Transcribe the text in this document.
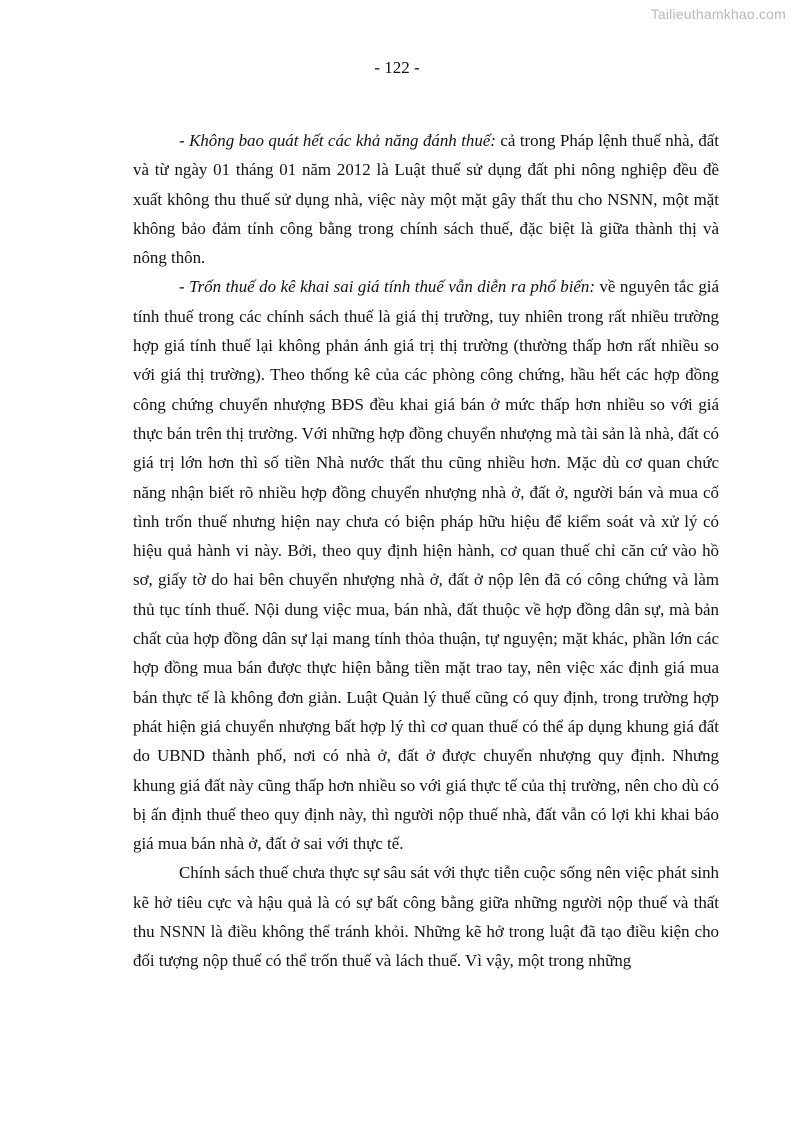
Tailieuthamkhao.com
- 122 -

- Không bao quát hết các khả năng đánh thuế: cả trong Pháp lệnh thuế nhà, đất và từ ngày 01 tháng 01 năm 2012 là Luật thuế sử dụng đất phi nông nghiệp đều đề xuất không thu thuế sử dụng nhà, việc này một mặt gây thất thu cho NSNN, một mặt không bảo đảm tính công bằng trong chính sách thuế, đặc biệt là giữa thành thị và nông thôn.

- Trốn thuế do kê khai sai giá tính thuế vẫn diễn ra phổ biến: về nguyên tắc giá tính thuế trong các chính sách thuế là giá thị trường, tuy nhiên trong rất nhiều trường hợp giá tính thuế lại không phản ánh giá trị thị trường (thường thấp hơn rất nhiều so với giá thị trường). Theo thống kê của các phòng công chứng, hầu hết các hợp đồng công chứng chuyển nhượng BĐS đều khai giá bán ở mức thấp hơn nhiều so với giá thực bán trên thị trường. Với những hợp đồng chuyển nhượng mà tài sản là nhà, đất có giá trị lớn hơn thì số tiền Nhà nước thất thu cũng nhiều hơn. Mặc dù cơ quan chức năng nhận biết rõ nhiều hợp đồng chuyển nhượng nhà ở, đất ở, người bán và mua cố tình trốn thuế nhưng hiện nay chưa có biện pháp hữu hiệu để kiểm soát và xử lý có hiệu quả hành vi này. Bởi, theo quy định hiện hành, cơ quan thuế chỉ căn cứ vào hồ sơ, giấy tờ do hai bên chuyển nhượng nhà ở, đất ở nộp lên đã có công chứng và làm thủ tục tính thuế. Nội dung việc mua, bán nhà, đất thuộc về hợp đồng dân sự, mà bản chất của hợp đồng dân sự lại mang tính thỏa thuận, tự nguyện; mặt khác, phần lớn các hợp đồng mua bán được thực hiện bằng tiền mặt trao tay, nên việc xác định giá mua bán thực tế là không đơn giản. Luật Quản lý thuế cũng có quy định, trong trường hợp phát hiện giá chuyển nhượng bất hợp lý thì cơ quan thuế có thể áp dụng khung giá đất do UBND thành phố, nơi có nhà ở, đất ở được chuyển nhượng quy định. Nhưng khung giá đất này cũng thấp hơn nhiều so với giá thực tế của thị trường, nên cho dù có bị ấn định thuế theo quy định này, thì người nộp thuế nhà, đất vẫn có lợi khi khai báo giá mua bán nhà ở, đất ở sai với thực tế.

Chính sách thuế chưa thực sự sâu sát với thực tiễn cuộc sống nên việc phát sinh kẽ hở tiêu cực và hậu quả là có sự bất công bằng giữa những người nộp thuế và thất thu NSNN là điều không thể tránh khỏi. Những kẽ hở trong luật đã tạo điều kiện cho đối tượng nộp thuế có thể trốn thuế và lách thuế. Vì vậy, một trong những
